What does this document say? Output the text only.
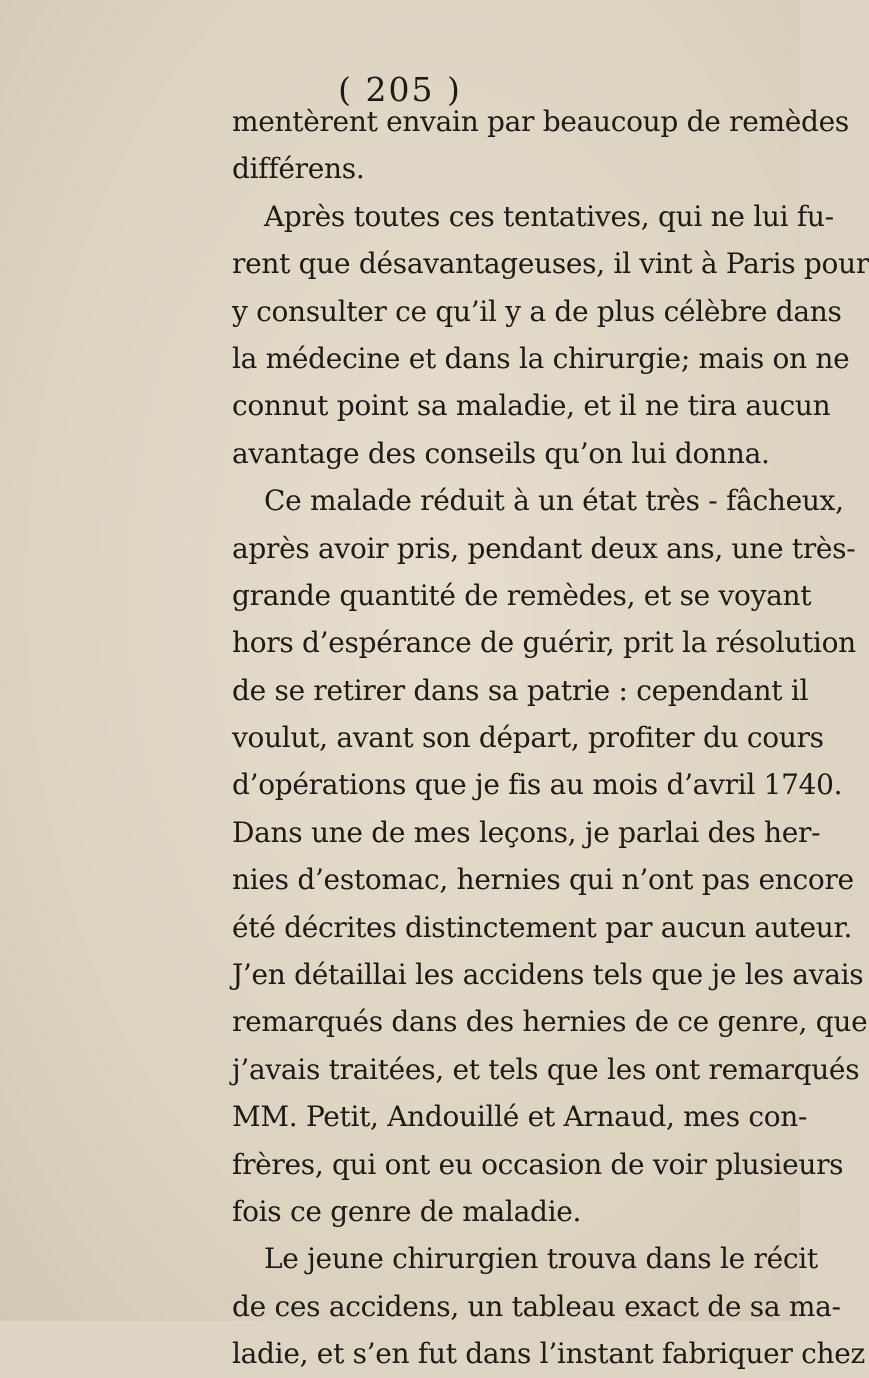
( 205 )
mentèrent envain par beaucoup de remèdes
différens.
Après toutes ces tentatives, qui ne lui fu-
rent que désavantageuses, il vint à Paris pour
y consulter ce qu’il y a de plus célèbre dans
la médecine et dans la chirurgie; mais on ne
connut point sa maladie, et il ne tira aucun
avantage des conseils qu’on lui donna.
Ce malade réduit à un état très - fâcheux,
après avoir pris, pendant deux ans, une très-
grande quantité de remèdes, et se voyant
hors d’espérance de guérir, prit la résolution
de se retirer dans sa patrie : cependant il
voulut, avant son départ, profiter du cours
d’opérations que je fis au mois d’avril 1740.
Dans une de mes leçons, je parlai des her-
nies d’estomac, hernies qui n’ont pas encore
été décrites distinctement par aucun auteur.
J’en détaillai les accidens tels que je les avais
remarqués dans des hernies de ce genre, que
j’avais traitées, et tels que les ont remarqués
MM. Petit, Andouillé et Arnaud, mes con-
frères, qui ont eu occasion de voir plusieurs
fois ce genre de maladie.
Le jeune chirurgien trouva dans le récit
de ces accidens, un tableau exact de sa ma-
ladie, et s’en fut dans l’instant fabriquer chez
